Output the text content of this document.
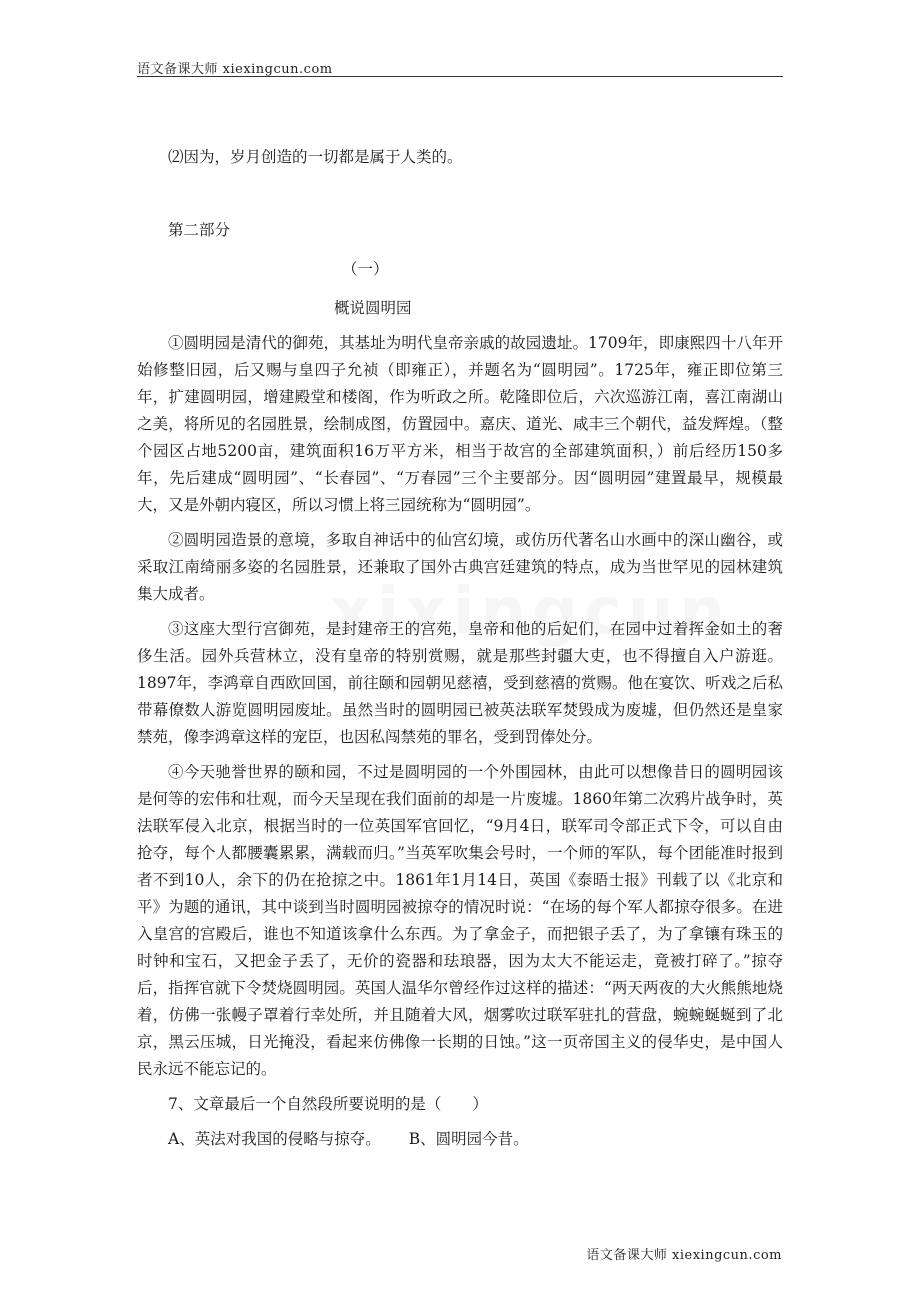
语文备课大师 xiexingcun.com

⑵因为，岁月创造的一切都是属于人类的。

第二部分

（一）

概说圆明园

①圆明园是清代的御苑，其基址为明代皇帝亲戚的故园遗址。1709年，即康熙四十八年开始修整旧园，后又赐与皇四子允祯（即雍正），并题名为“圆明园”。1725年，雍正即位第三年，扩建圆明园，增建殿堂和楼阁，作为听政之所。乾隆即位后，六次巡游江南，喜江南湖山之美，将所见的名园胜景，绘制成图，仿置园中。嘉庆、道光、咸丰三个朝代，益发辉煌。（整个园区占地5200亩，建筑面积16万平方米，相当于故宫的全部建筑面积，）前后经历150多年，先后建成“圆明园”、“长春园”、“万春园”三个主要部分。因“圆明园”建置最早，规模最大，又是外朝内寝区，所以习惯上将三园统称为“圆明园”。

②圆明园造景的意境，多取自神话中的仙宫幻境，或仿历代著名山水画中的深山幽谷，或采取江南绮丽多姿的名园胜景，还兼取了国外古典宫廷建筑的特点，成为当世罕见的园林建筑集大成者。

③这座大型行宫御苑，是封建帝王的宫苑，皇帝和他的后妃们，在园中过着挥金如土的奢侈生活。园外兵营林立，没有皇帝的特别赏赐，就是那些封疆大吏，也不得擅自入户游逛。1897年，李鸿章自西欧回国，前往颐和园朝见慈禧，受到慈禧的赏赐。他在宴饮、听戏之后私带幕僚数人游览圆明园废址。虽然当时的圆明园已被英法联军焚毁成为废墟，但仍然还是皇家禁苑，像李鸿章这样的宠臣，也因私闯禁苑的罪名，受到罚俸处分。

④今天驰誉世界的颐和园，不过是圆明园的一个外围园林，由此可以想像昔日的圆明园该是何等的宏伟和壮观，而今天呈现在我们面前的却是一片废墟。1860年第二次鸦片战争时，英法联军侵入北京，根据当时的一位英国军官回忆，“9月4日，联军司令部正式下令，可以自由抢夺，每个人都腰囊累累，满载而归。”当英军吹集会号时，一个师的军队，每个团能准时报到者不到10人，余下的仍在抢掠之中。1861年1月14日，英国《泰晤士报》刊载了以《北京和平》为题的通讯，其中谈到当时圆明园被掠夺的情况时说：“在场的每个军人都掠夺很多。在进入皇宫的宫殿后，谁也不知道该拿什么东西。为了拿金子，而把银子丢了，为了拿镶有珠玉的时钟和宝石，又把金子丢了，无价的瓷器和珐琅器，因为太大不能运走，竟被打碎了。”掠夺后，指挥官就下令焚烧圆明园。英国人温华尔曾经作过这样的描述：“两天两夜的大火熊熊地烧着，仿佛一张幔子罩着行幸处所，并且随着大风，烟雾吹过联军驻扎的营盘，蜿蜿蜒蜒到了北京，黑云压城，日光掩没，看起来仿佛像一长期的日蚀。”这一页帝国主义的侵华史，是中国人民永远不能忘记的。

7、文章最后一个自然段所要说明的是（　　）

A、英法对我国的侵略与掠夺。 B、圆明园今昔。

语文备课大师 xiexingcun.com
